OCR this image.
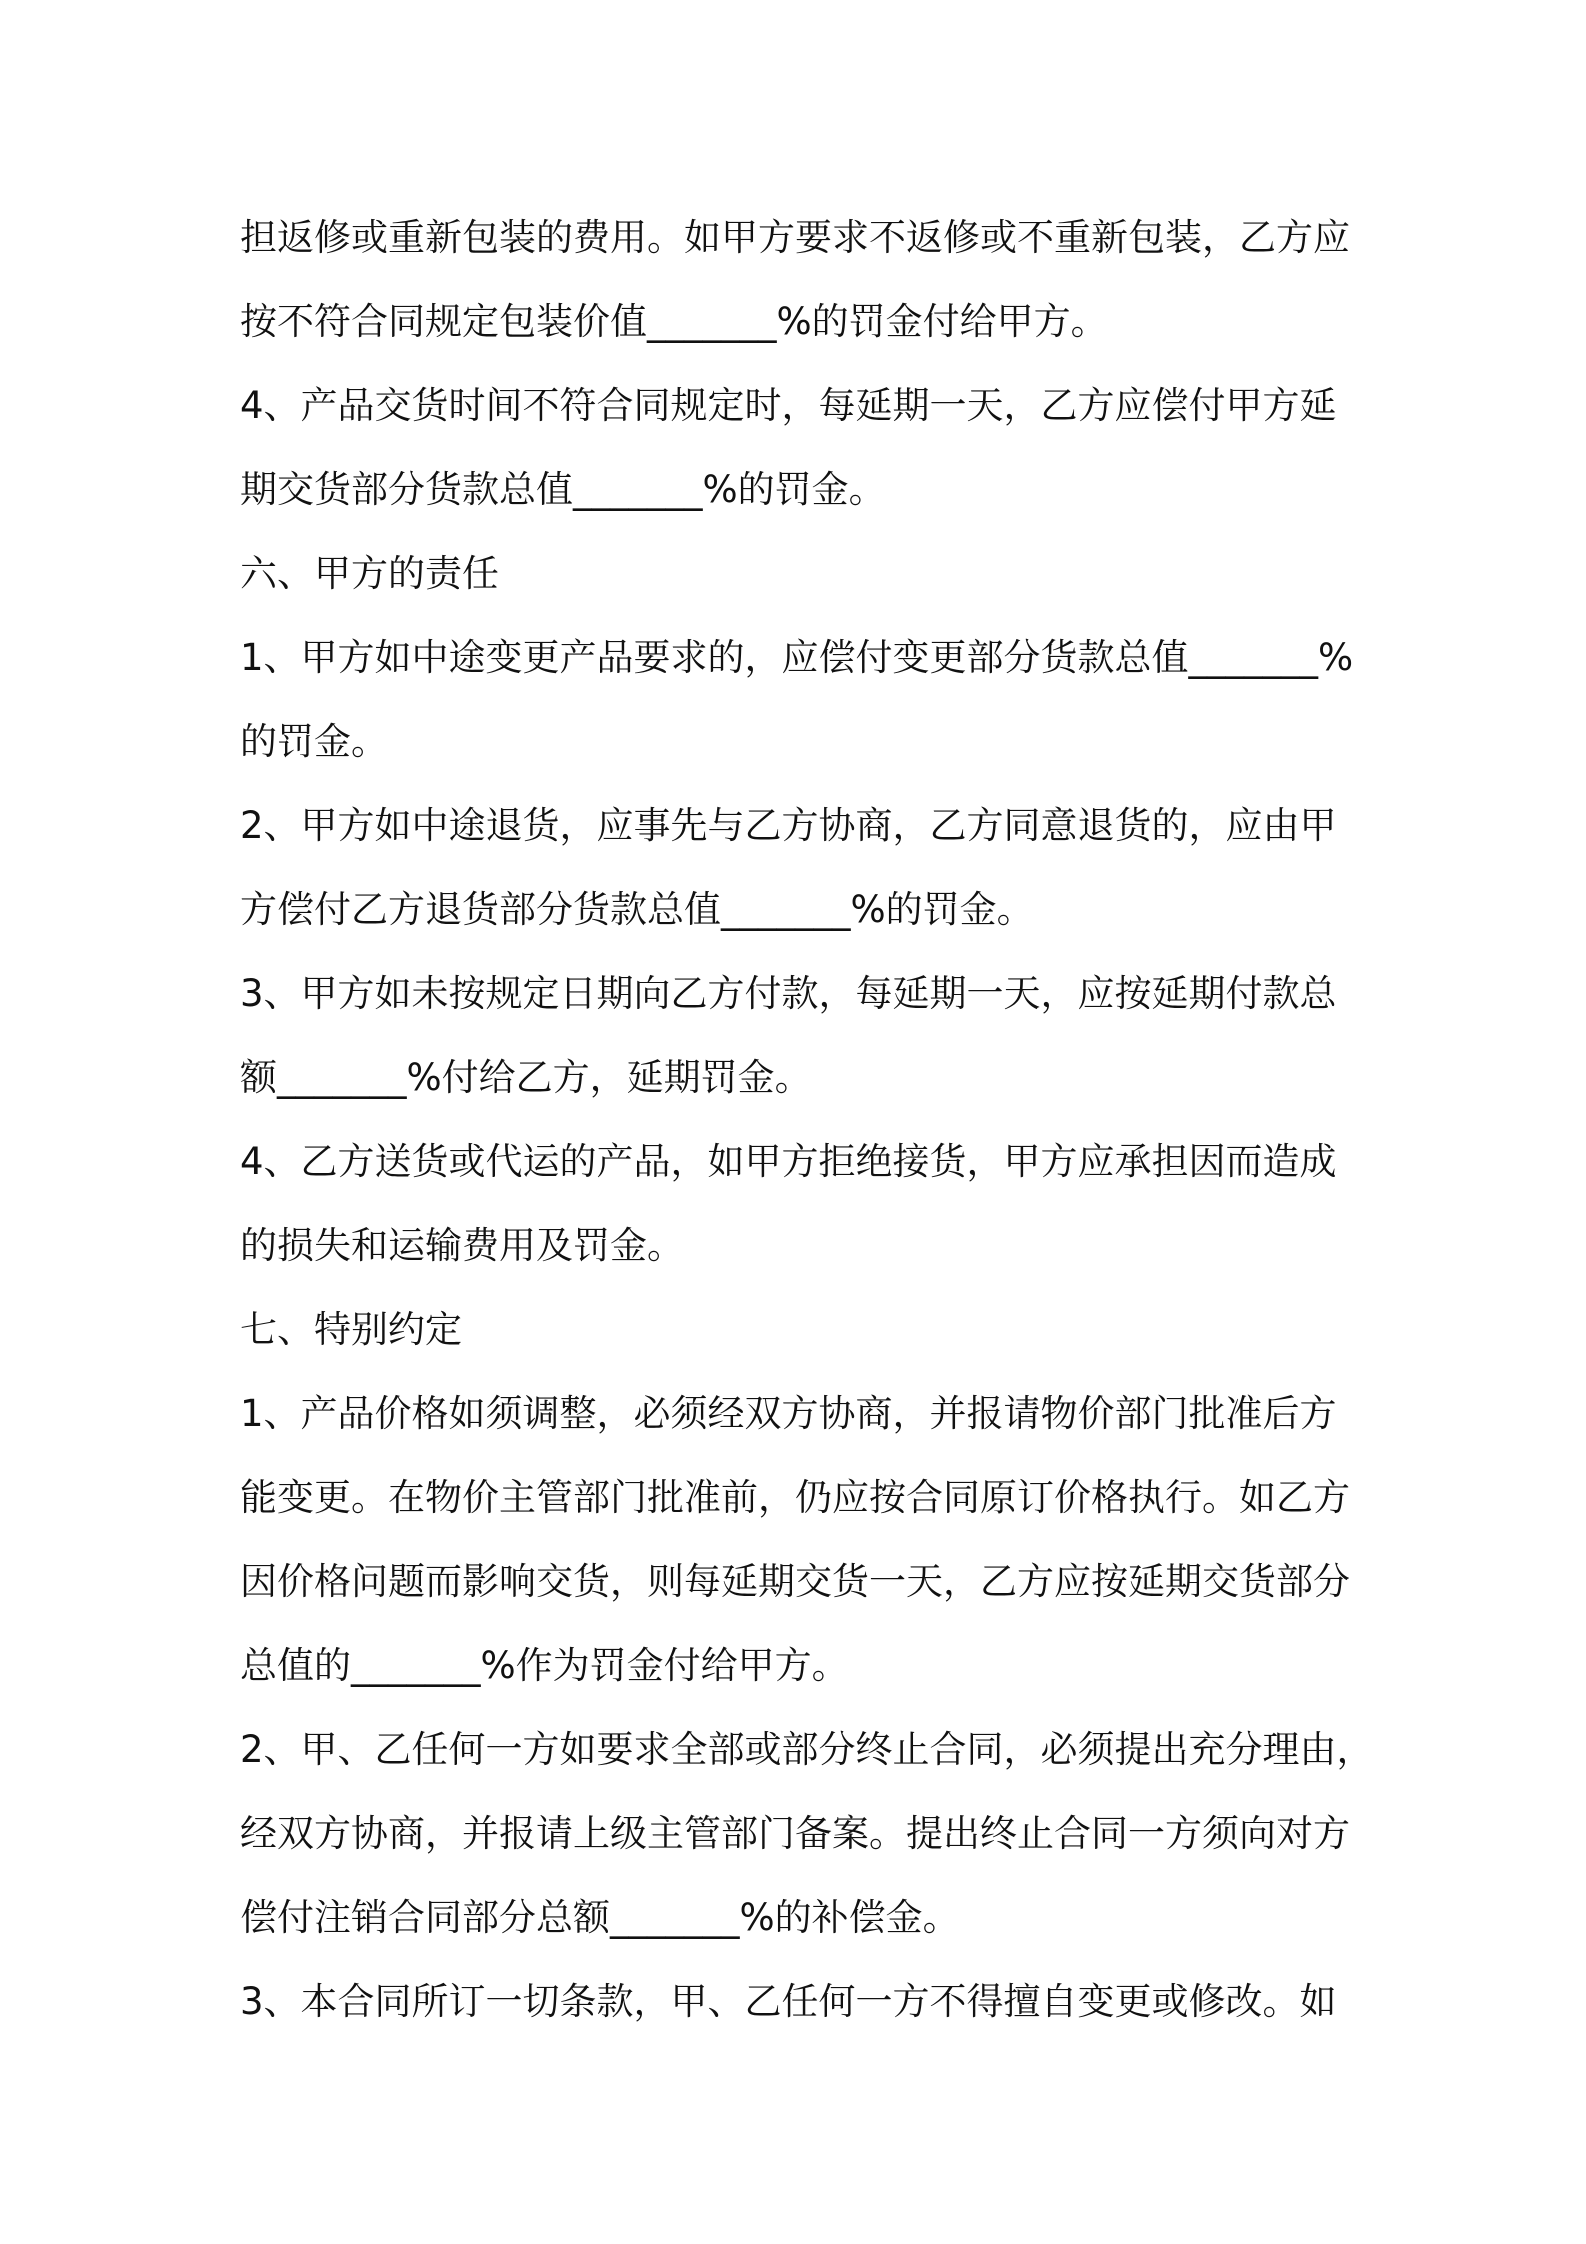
担返修或重新包装的费用。如甲方要求不返修或不重新包装，乙方应
按不符合同规定包装价值_______%的罚金付给甲方。
4、产品交货时间不符合同规定时，每延期一天，乙方应偿付甲方延
期交货部分货款总值_______%的罚金。
六、甲方的责任
1、甲方如中途变更产品要求的，应偿付变更部分货款总值_______%
的罚金。
2、甲方如中途退货，应事先与乙方协商，乙方同意退货的，应由甲
方偿付乙方退货部分货款总值_______%的罚金。
3、甲方如未按规定日期向乙方付款，每延期一天，应按延期付款总
额_______%付给乙方，延期罚金。
4、乙方送货或代运的产品，如甲方拒绝接货，甲方应承担因而造成
的损失和运输费用及罚金。
七、特别约定
1、产品价格如须调整，必须经双方协商，并报请物价部门批准后方
能变更。在物价主管部门批准前，仍应按合同原订价格执行。如乙方
因价格问题而影响交货，则每延期交货一天，乙方应按延期交货部分
总值的_______%作为罚金付给甲方。
2、甲、乙任何一方如要求全部或部分终止合同，必须提出充分理由，
经双方协商，并报请上级主管部门备案。提出终止合同一方须向对方
偿付注销合同部分总额_______%的补偿金。
3、本合同所订一切条款，甲、乙任何一方不得擅自变更或修改。如
